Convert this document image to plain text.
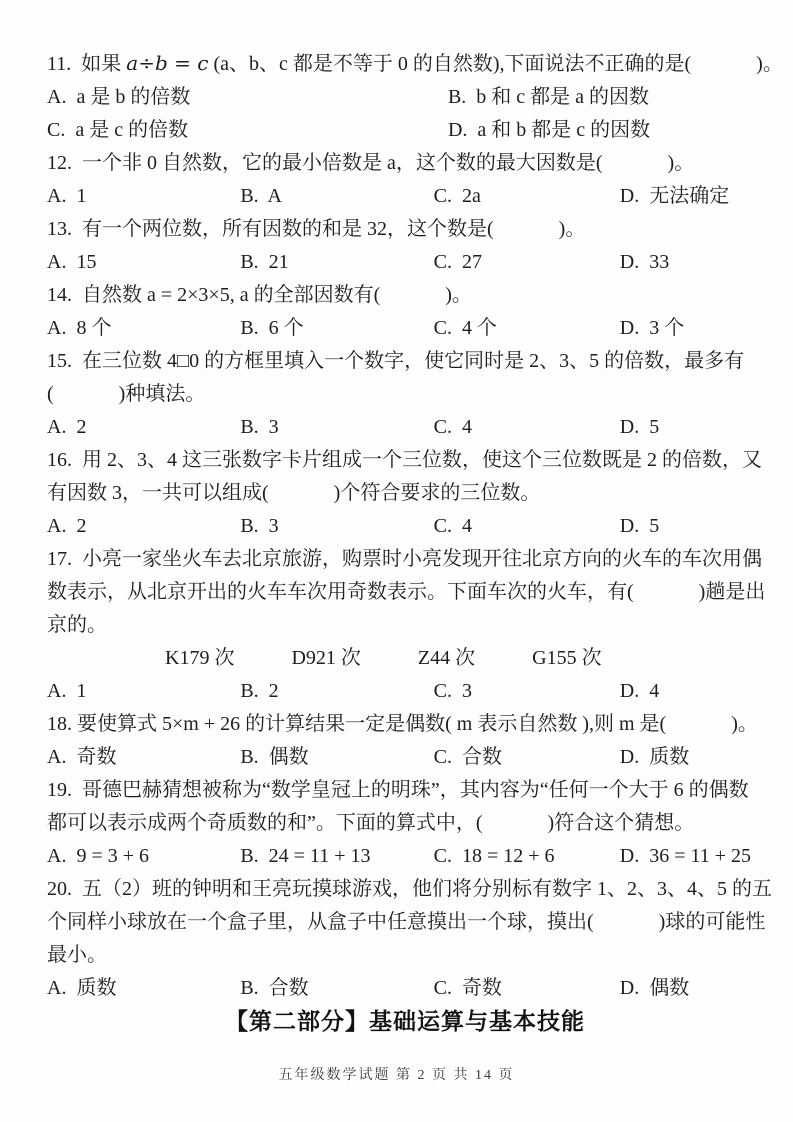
11.  如果 a÷b = c (a、b、c 都是不等于 0 的自然数),下面说法不正确的是(             )。
A.  a 是 b 的倍数	B.  b 和 c 都是 a 的因数
C.  a 是 c 的倍数	D.  a 和 b 都是 c 的因数
12.  一个非 0 自然数，它的最小倍数是 a，这个数的最大因数是(             )。
A.  1	B.  A	C.  2a	D.  无法确定
13.  有一个两位数，所有因数的和是 32，这个数是(             )。
A.  15	B.  21	C.  27	D.  33
14.  自然数 a = 2×3×5, a 的全部因数有(             )。
A.  8 个	B.  6 个	C.  4 个	D.  3 个
15.  在三位数 4□0 的方框里填入一个数字，使它同时是 2、3、5 的倍数，最多有
(             )种填法。
A.  2	B.  3	C.  4	D.  5
16.  用 2、3、4 这三张数字卡片组成一个三位数，使这个三位数既是 2 的倍数，又
有因数 3，一共可以组成(             )个符合要求的三位数。
A.  2	B.  3	C.  4	D.  5
17.  小亮一家坐火车去北京旅游，购票时小亮发现开往北京方向的火车的车次用偶
数表示，从北京开出的火车车次用奇数表示。下面车次的火车，有(             )趟是出
京的。
K179 次	D921 次	Z44 次	G155 次
A.  1	B.  2	C.  3	D.  4
18. 要使算式 5×m + 26 的计算结果一定是偶数( m 表示自然数 ),则 m 是(             )。
A.  奇数	B.  偶数	C.  合数	D.  质数
19.  哥德巴赫猜想被称为“数学皇冠上的明珠”，其内容为“任何一个大于 6 的偶数
都可以表示成两个奇质数的和”。下面的算式中，(             )符合这个猜想。
A.  9 = 3 + 6	B.  24 = 11 + 13	C.  18 = 12 + 6	D.  36 = 11 + 25
20.  五（2）班的钟明和王亮玩摸球游戏，他们将分别标有数字 1、2、3、4、5 的五
个同样小球放在一个盒子里，从盒子中任意摸出一个球，摸出(             )球的可能性
最小。
A.  质数	B.  合数	C.  奇数	D.  偶数
【第二部分】基础运算与基本技能
五年级数学试题 第 2 页 共 14 页
